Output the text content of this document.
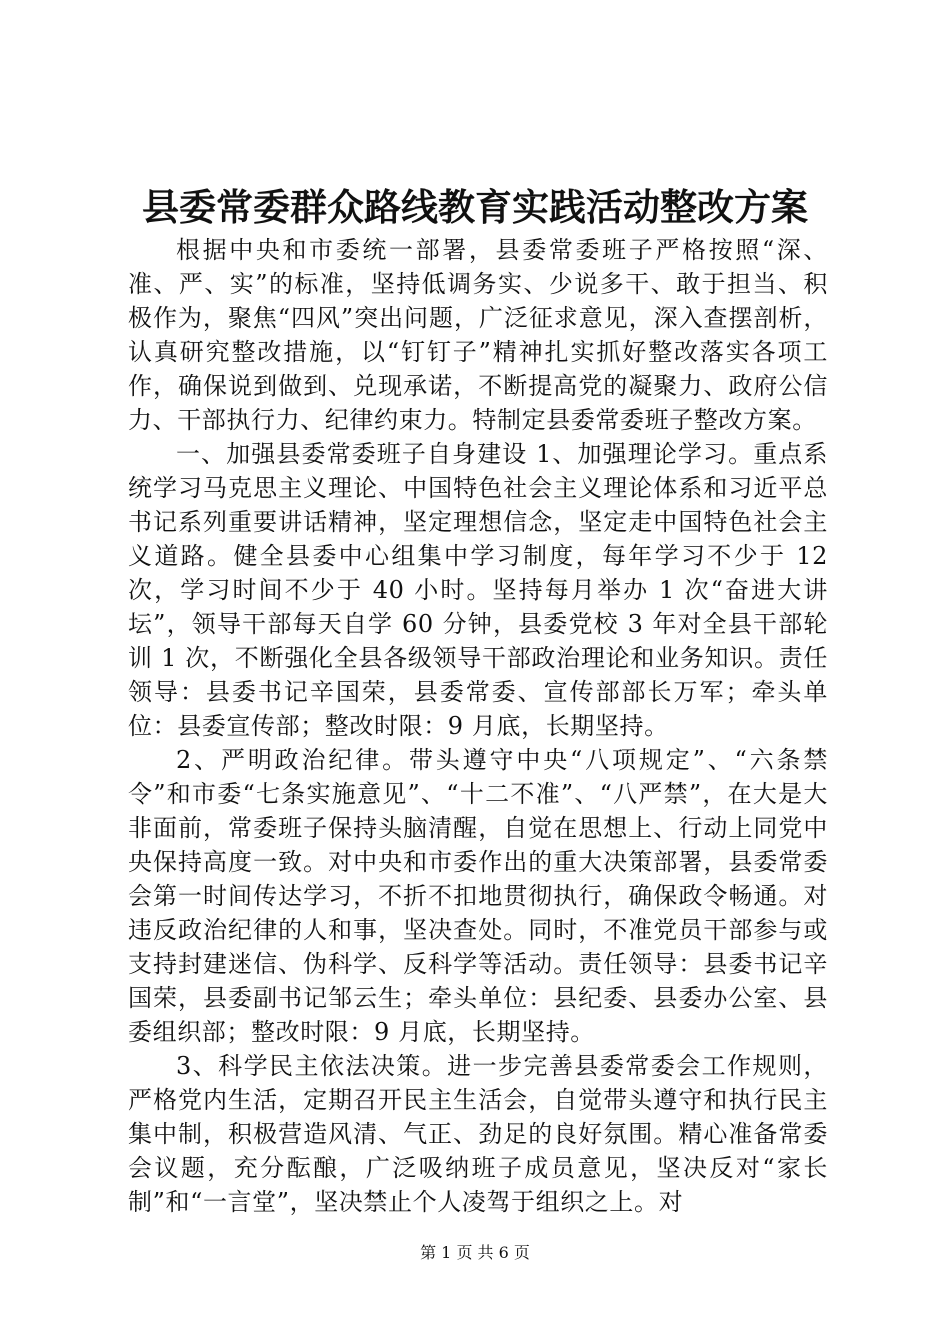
县委常委群众路线教育实践活动整改方案

根据中央和市委统一部署，县委常委班子严格按照“深、准、严、实”的标准，坚持低调务实、少说多干、敢于担当、积极作为，聚焦“四风”突出问题，广泛征求意见，深入查摆剖析，认真研究整改措施，以“钉钉子”精神扎实抓好整改落实各项工作，确保说到做到、兑现承诺，不断提高党的凝聚力、政府公信力、干部执行力、纪律约束力。特制定县委常委班子整改方案。

一、加强县委常委班子自身建设 1、加强理论学习。重点系统学习马克思主义理论、中国特色社会主义理论体系和习近平总书记系列重要讲话精神，坚定理想信念，坚定走中国特色社会主义道路。健全县委中心组集中学习制度，每年学习不少于 12 次，学习时间不少于 40 小时。坚持每月举办 1 次“奋进大讲坛”，领导干部每天自学 60 分钟，县委党校 3 年对全县干部轮训 1 次，不断强化全县各级领导干部政治理论和业务知识。责任领导：县委书记辛国荣，县委常委、宣传部部长万军；牵头单位：县委宣传部；整改时限：9 月底，长期坚持。

2、严明政治纪律。带头遵守中央“八项规定”、“六条禁令”和市委“七条实施意见”、“十二不准”、“八严禁”，在大是大非面前，常委班子保持头脑清醒，自觉在思想上、行动上同党中央保持高度一致。对中央和市委作出的重大决策部署，县委常委会第一时间传达学习，不折不扣地贯彻执行，确保政令畅通。对违反政治纪律的人和事，坚决查处。同时，不准党员干部参与或支持封建迷信、伪科学、反科学等活动。责任领导：县委书记辛国荣，县委副书记邹云生；牵头单位：县纪委、县委办公室、县委组织部；整改时限：9 月底，长期坚持。

3、科学民主依法决策。进一步完善县委常委会工作规则，严格党内生活，定期召开民主生活会，自觉带头遵守和执行民主集中制，积极营造风清、气正、劲足的良好氛围。精心准备常委会议题，充分酝酿，广泛吸纳班子成员意见，坚决反对“家长制”和“一言堂”，坚决禁止个人凌驾于组织之上。对

第 1 页 共 6 页
